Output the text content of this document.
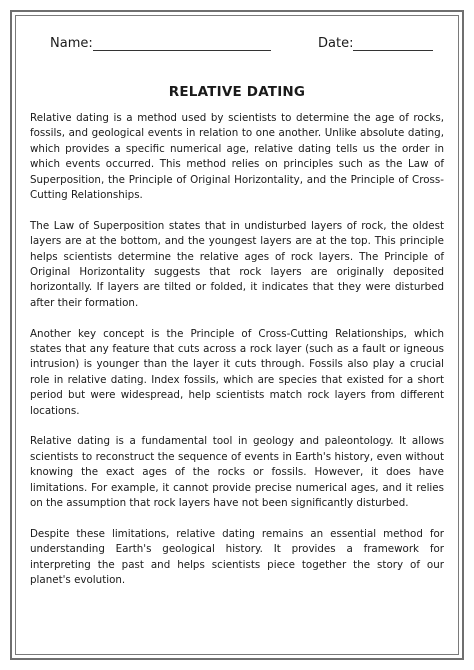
Name:	Date:
RELATIVE DATING

Relative dating is a method used by scientists to determine the age of rocks, fossils, and geological events in relation to one another. Unlike absolute dating, which provides a specific numerical age, relative dating tells us the order in which events occurred. This method relies on principles such as the Law of Superposition, the Principle of Original Horizontality, and the Principle of Cross-Cutting Relationships.

The Law of Superposition states that in undisturbed layers of rock, the oldest layers are at the bottom, and the youngest layers are at the top. This principle helps scientists determine the relative ages of rock layers. The Principle of Original Horizontality suggests that rock layers are originally deposited horizontally. If layers are tilted or folded, it indicates that they were disturbed after their formation.

Another key concept is the Principle of Cross-Cutting Relationships, which states that any feature that cuts across a rock layer (such as a fault or igneous intrusion) is younger than the layer it cuts through. Fossils also play a crucial role in relative dating. Index fossils, which are species that existed for a short period but were widespread, help scientists match rock layers from different locations.

Relative dating is a fundamental tool in geology and paleontology. It allows scientists to reconstruct the sequence of events in Earth's history, even without knowing the exact ages of the rocks or fossils. However, it does have limitations. For example, it cannot provide precise numerical ages, and it relies on the assumption that rock layers have not been significantly disturbed.

Despite these limitations, relative dating remains an essential method for understanding Earth's geological history. It provides a framework for interpreting the past and helps scientists piece together the story of our planet's evolution.
